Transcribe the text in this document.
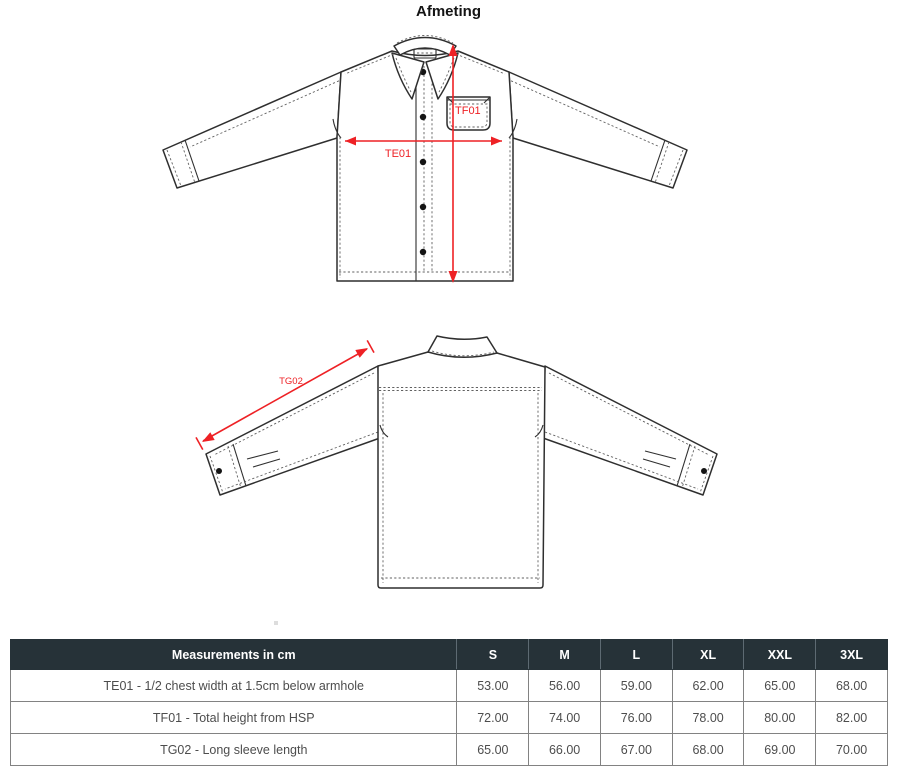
Afmeting
TE01
TF01
TG02
Measurements in cm	S	M	L	XL	XXL	3XL
TE01 - 1/2 chest width at 1.5cm below armhole	53.00	56.00	59.00	62.00	65.00	68.00
TF01 - Total height from HSP	72.00	74.00	76.00	78.00	80.00	82.00
TG02 - Long sleeve length	65.00	66.00	67.00	68.00	69.00	70.00
